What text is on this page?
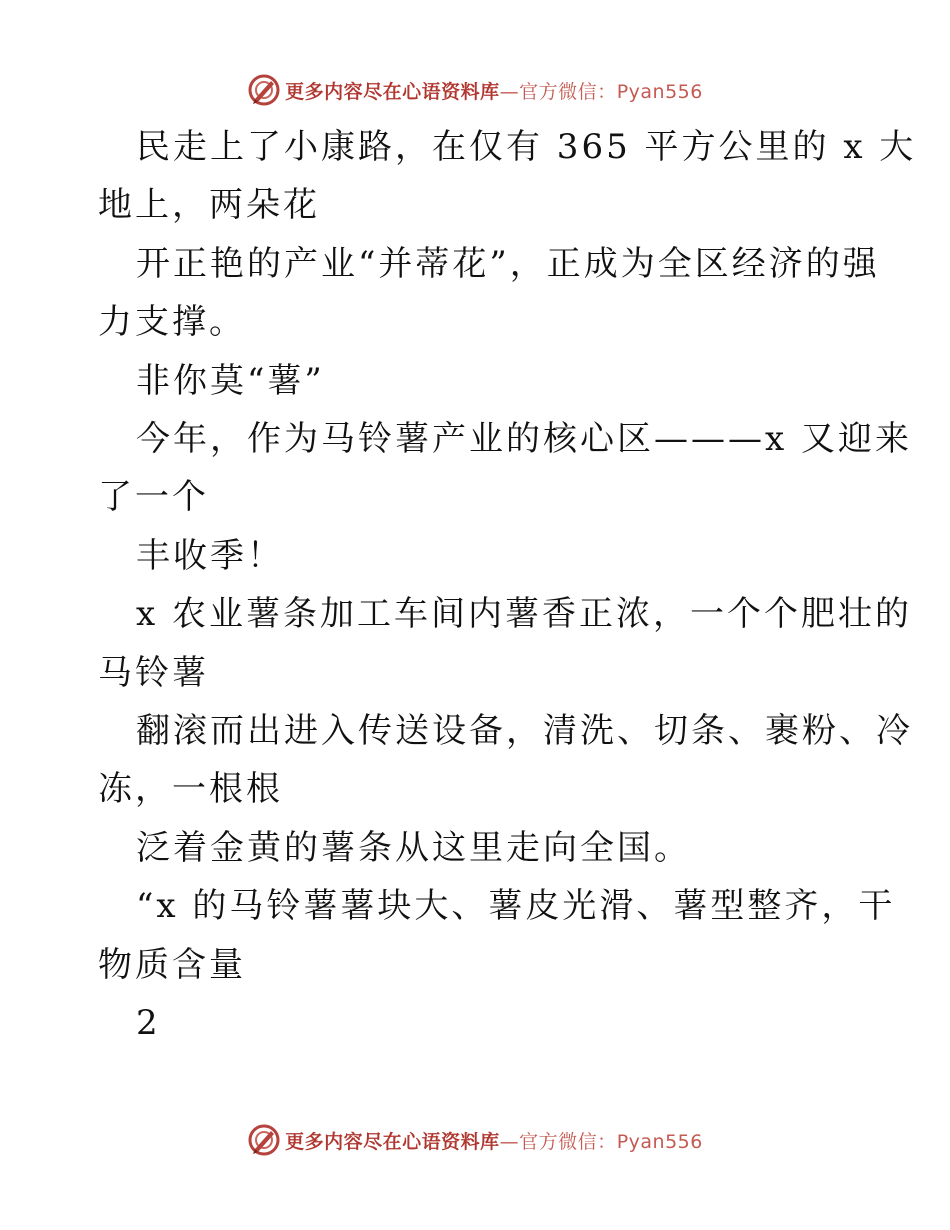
更多内容尽在心语资料库—官方微信：Pyan556
民走上了小康路，在仅有 365 平方公里的 x 大
地上，两朵花
开正艳的产业“并蒂花”，正成为全区经济的强
力支撑。
非你莫“薯”
今年，作为马铃薯产业的核心区———x 又迎来
了一个
丰收季！
x 农业薯条加工车间内薯香正浓，一个个肥壮的
马铃薯
翻滚而出进入传送设备，清洗、切条、裹粉、冷
冻，一根根
泛着金黄的薯条从这里走向全国。
“x 的马铃薯薯块大、薯皮光滑、薯型整齐，干
物质含量
2
更多内容尽在心语资料库—官方微信：Pyan556
